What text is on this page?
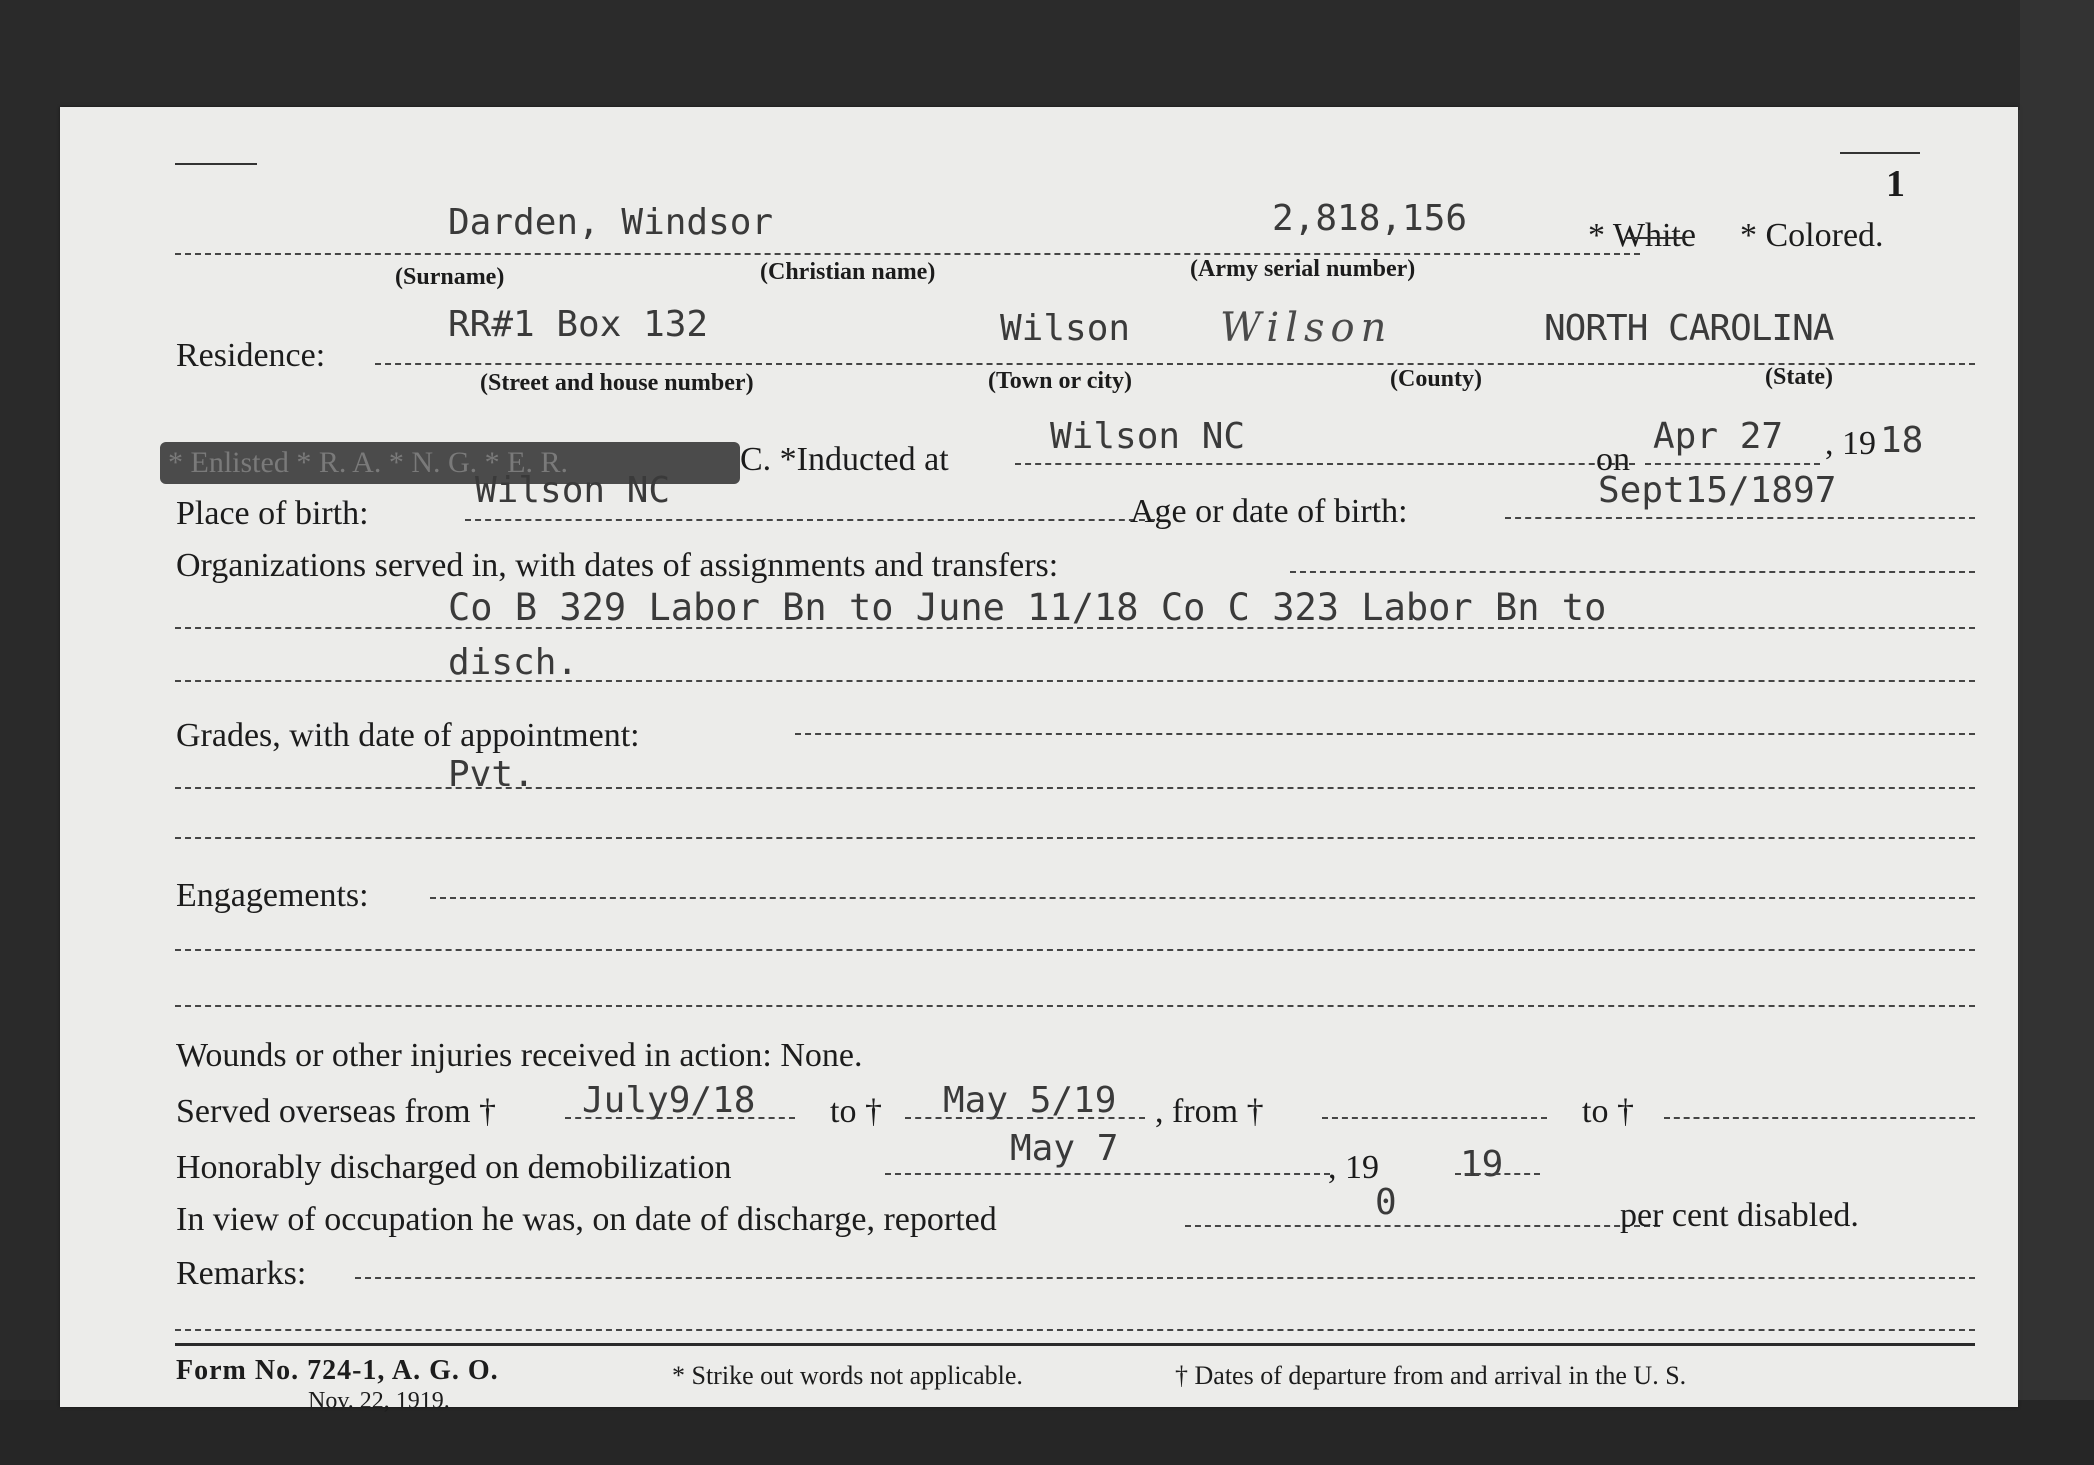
1
Darden, Windsor	2,818,156	* White * Colored.
(Surname)	(Christian name)	(Army serial number)
Residence:
RR#1 Box 132	Wilson Wilson	NORTH CAROLINA
(Street and house number)	(Town or city)	(County)	(State)
* Enlisted * R. A. * N. G. * E. R.	C. *Inducted at
Wilson NC
on
Apr 27 , 19 18
Place of birth:
Wilson NC
Age or date of birth:
Sept15/1897
Organizations served in, with dates of assignments and transfers:
Co B 329 Labor Bn to June 11/18 Co C 323 Labor Bn to
disch.
Grades, with date of appointment:
Pvt.
Engagements:
Wounds or other injuries received in action: None.
Served overseas from † July9/18 to † May 5/19 , from †	to †
Honorably discharged on demobilization	May 7	, 19 19
In view of occupation he was, on date of discharge, reported	0	per cent disabled.
Remarks:
Form No. 724-1, A. G. O.
Nov. 22, 1919.
* Strike out words not applicable.	† Dates of departure from and arrival in the U. S.
